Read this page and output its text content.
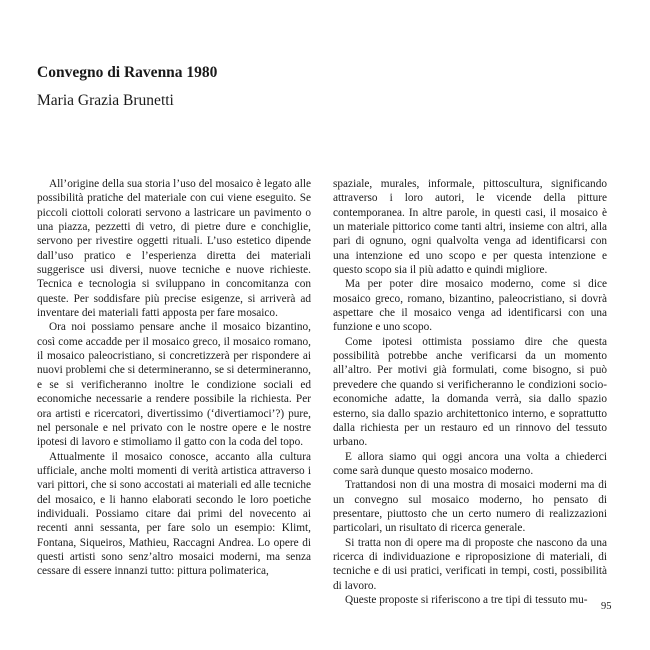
Convegno di Ravenna 1980
Maria Grazia Brunetti

All’origine della sua storia l’uso del mosaico è legato alle possibilità pratiche del materiale con cui viene eseguito. Se piccoli ciottoli colorati servono a lastricare un pavimento o una piazza, pezzetti di vetro, di pietre dure e conchiglie, servono per rivestire oggetti rituali. L’uso estetico dipende dall’uso pratico e l’esperienza diretta dei materiali suggerisce usi diversi, nuove tecniche e nuove richieste. Tecnica e tecnologia si sviluppano in concomitanza con queste. Per soddisfare più precise esigenze, si arriverà ad inventare dei materiali fatti apposta per fare mosaico.

Ora noi possiamo pensare anche il mosaico bizantino, così come accadde per il mosaico greco, il mosaico romano, il mosaico paleocristiano, si concretizzerà per rispondere ai nuovi problemi che si determineranno, se si determineranno, e se si verificheranno inoltre le condizione sociali ed economiche necessarie a rendere possibile la richiesta. Per ora artisti e ricercatori, divertissimo (‘divertiamoci’?) pure, nel personale e nel privato con le nostre opere e le nostre ipotesi di lavoro e stimoliamo il gatto con la coda del topo.

Attualmente il mosaico conosce, accanto alla cultura ufficiale, anche molti momenti di verità artistica attraverso i vari pittori, che si sono accostati ai materiali ed alle tecniche del mosaico, e li hanno elaborati secondo le loro poetiche individuali. Possiamo citare dai primi del novecento ai recenti anni sessanta, per fare solo un esempio: Klimt, Fontana, Siqueiros, Mathieu, Raccagni Andrea. Lo opere di questi artisti sono senz’altro mosaici moderni, ma senza cessare di essere innanzi tutto: pittura polimaterica,

spaziale, murales, informale, pittoscultura, significando attraverso i loro autori, le vicende della pitture contemporanea. In altre parole, in questi casi, il mosaico è un materiale pittorico come tanti altri, insieme con altri, alla pari di ognuno, ogni qualvolta venga ad identificarsi con una intenzione ed uno scopo e per questa intenzione e questo scopo sia il più adatto e quindi migliore.

Ma per poter dire mosaico moderno, come si dice mosaico greco, romano, bizantino, paleocristiano, si dovrà aspettare che il mosaico venga ad identificarsi con una funzione e uno scopo.

Come ipotesi ottimista possiamo dire che questa possibilità potrebbe anche verificarsi da un momento all’altro. Per motivi già formulati, come bisogno, si può prevedere che quando si verificheranno le condizioni socio-economiche adatte, la domanda verrà, sia dallo spazio esterno, sia dallo spazio architettonico interno, e soprattutto dalla richiesta per un restauro ed un rinnovo del tessuto urbano.

E allora siamo qui oggi ancora una volta a chiederci come sarà dunque questo mosaico moderno.

Trattandosi non di una mostra di mosaici moderni ma di un convegno sul mosaico moderno, ho pensato di presentare, piuttosto che un certo numero di realizzazioni particolari, un risultato di ricerca generale.

Si tratta non di opere ma di proposte che nascono da una ricerca di individuazione e riproposizione di materiali, di tecniche e di usi pratici, verificati in tempi, costi, possibilità di lavoro.

Queste proposte si riferiscono a tre tipi di tessuto mu-

95
